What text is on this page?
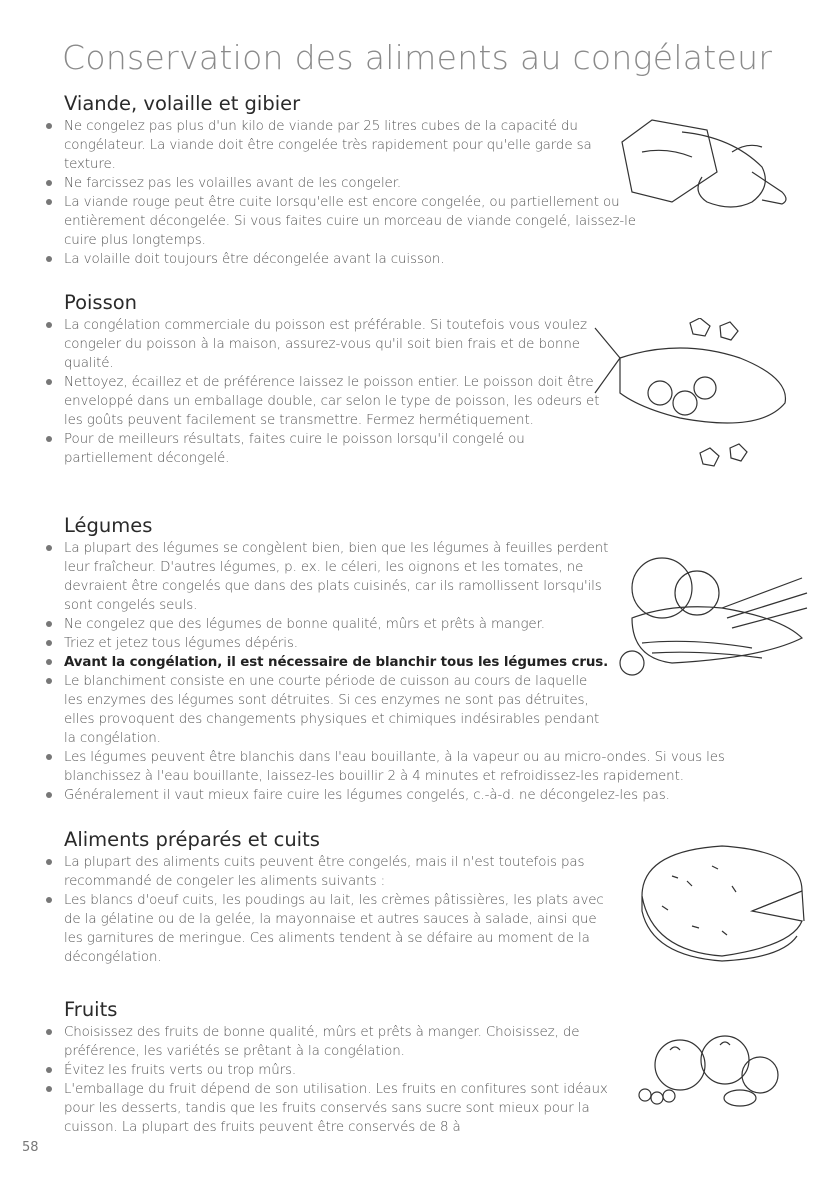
Conservation des aliments au congélateur
Viande, volaille et gibier
Ne congelez pas plus d'un kilo de viande par 25 litres cubes de la capacité du congélateur. La viande doit être congelée très rapidement pour qu'elle garde sa texture.
Ne farcissez pas les volailles avant de les congeler.
La viande rouge peut être cuite lorsqu'elle est encore congelée, ou partiellement ou entièrement décongelée. Si vous faites cuire un morceau de viande congelé, laissez-le cuire plus longtemps.
La volaille doit toujours être décongelée avant la cuisson.
Poisson
La congélation commerciale du poisson est préférable. Si toutefois vous voulez congeler du poisson à la maison, assurez-vous qu'il soit bien frais et de bonne qualité.
Nettoyez, écaillez et de préférence laissez le poisson entier. Le poisson doit être enveloppé dans un emballage double, car selon le type de poisson, les odeurs et les goûts peuvent facilement se transmettre. Fermez hermétiquement.
Pour de meilleurs résultats, faites cuire le poisson lorsqu'il congelé ou partiellement décongelé.
Légumes
La plupart des légumes se congèlent bien, bien que les légumes à feuilles perdent leur fraîcheur. D'autres légumes, p. ex. le céleri, les oignons et les tomates, ne devraient être congelés que dans des plats cuisinés, car ils ramollissent lorsqu'ils sont congelés seuls.
Ne congelez que des légumes de bonne qualité, mûrs et prêts à manger.
Triez et jetez tous légumes dépéris.
Avant la congélation, il est nécessaire de blanchir tous les légumes crus.
Le blanchiment consiste en une courte période de cuisson au cours de laquelle les enzymes des légumes sont détruites. Si ces enzymes ne sont pas détruites, elles provoquent des changements physiques et chimiques indésirables pendant la congélation.
Les légumes peuvent être blanchis dans l'eau bouillante, à la vapeur ou au micro-ondes. Si vous les blanchissez à l'eau bouillante, laissez-les bouillir 2 à 4 minutes et refroidissez-les rapidement.
Généralement il vaut mieux faire cuire les légumes congelés, c.-à-d. ne décongelez-les pas.
Aliments préparés et cuits
La plupart des aliments cuits peuvent être congelés, mais il n'est toutefois pas recommandé de congeler les aliments suivants :
Les blancs d'oeuf cuits, les poudings au lait, les crèmes pâtissières, les plats avec de la gélatine ou de la gelée, la mayonnaise et autres sauces à salade, ainsi que les garnitures de meringue. Ces aliments tendent à se défaire au moment de la décongélation.
Fruits
Choisissez des fruits de bonne qualité, mûrs et prêts à manger. Choisissez, de préférence, les variétés se prêtant à la congélation.
Évitez les fruits verts ou trop mûrs.
L'emballage du fruit dépend de son utilisation. Les fruits en confitures sont idéaux pour les desserts, tandis que les fruits conservés sans sucre sont mieux pour la cuisson. La plupart des fruits peuvent être conservés de 8 à
58
